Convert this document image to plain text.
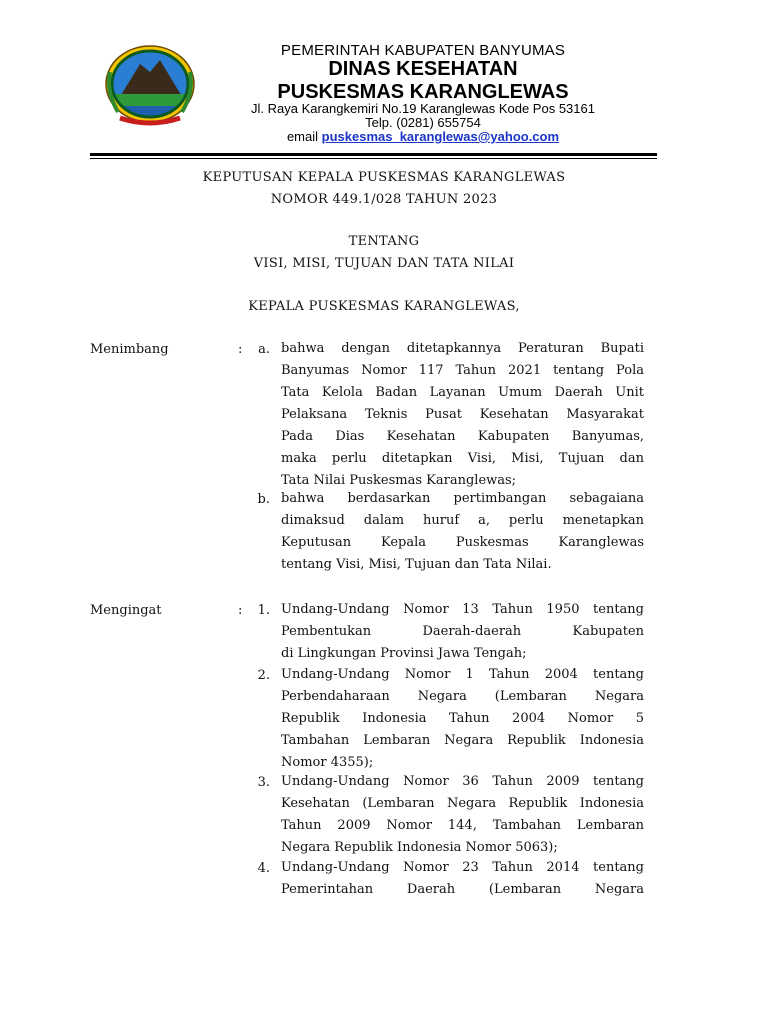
PEMERINTAH KABUPATEN BANYUMAS
DINAS KESEHATAN
PUSKESMAS KARANGLEWAS
Jl. Raya Karangkemiri No.19 Karanglewas Kode Pos 53161
Telp. (0281) 655754
email puskesmas_karanglewas@yahoo.com
KEPUTUSAN KEPALA PUSKESMAS KARANGLEWAS
NOMOR 449.1/028 TAHUN 2023
TENTANG
VISI, MISI, TUJUAN DAN TATA NILAI
KEPALA PUSKESMAS KARANGLEWAS,
Menimbang	:	a. bahwa dengan ditetapkannya Peraturan Bupati
Banyumas Nomor 117 Tahun 2021 tentang Pola
Tata Kelola Badan Layanan Umum Daerah Unit
Pelaksana Teknis Pusat Kesehatan Masyarakat
Pada Dias Kesehatan Kabupaten Banyumas,
maka perlu ditetapkan Visi, Misi, Tujuan dan
Tata Nilai Puskesmas Karanglewas;
b. bahwa berdasarkan pertimbangan sebagaiana
dimaksud dalam huruf a, perlu menetapkan
Keputusan Kepala Puskesmas Karanglewas
tentang Visi, Misi, Tujuan dan Tata Nilai.
Mengingat	:	1. Undang-Undang Nomor 13 Tahun 1950 tentang
Pembentukan Daerah-daerah Kabupaten
di Lingkungan Provinsi Jawa Tengah;
2. Undang-Undang Nomor 1 Tahun 2004 tentang
Perbendaharaan Negara (Lembaran Negara
Republik Indonesia Tahun 2004 Nomor 5
Tambahan Lembaran Negara Republik Indonesia
Nomor 4355);
3. Undang-Undang Nomor 36 Tahun 2009 tentang
Kesehatan (Lembaran Negara Republik Indonesia
Tahun 2009 Nomor 144, Tambahan Lembaran
Negara Republik Indonesia Nomor 5063);
4. Undang-Undang Nomor 23 Tahun 2014 tentang
Pemerintahan Daerah (Lembaran Negara
